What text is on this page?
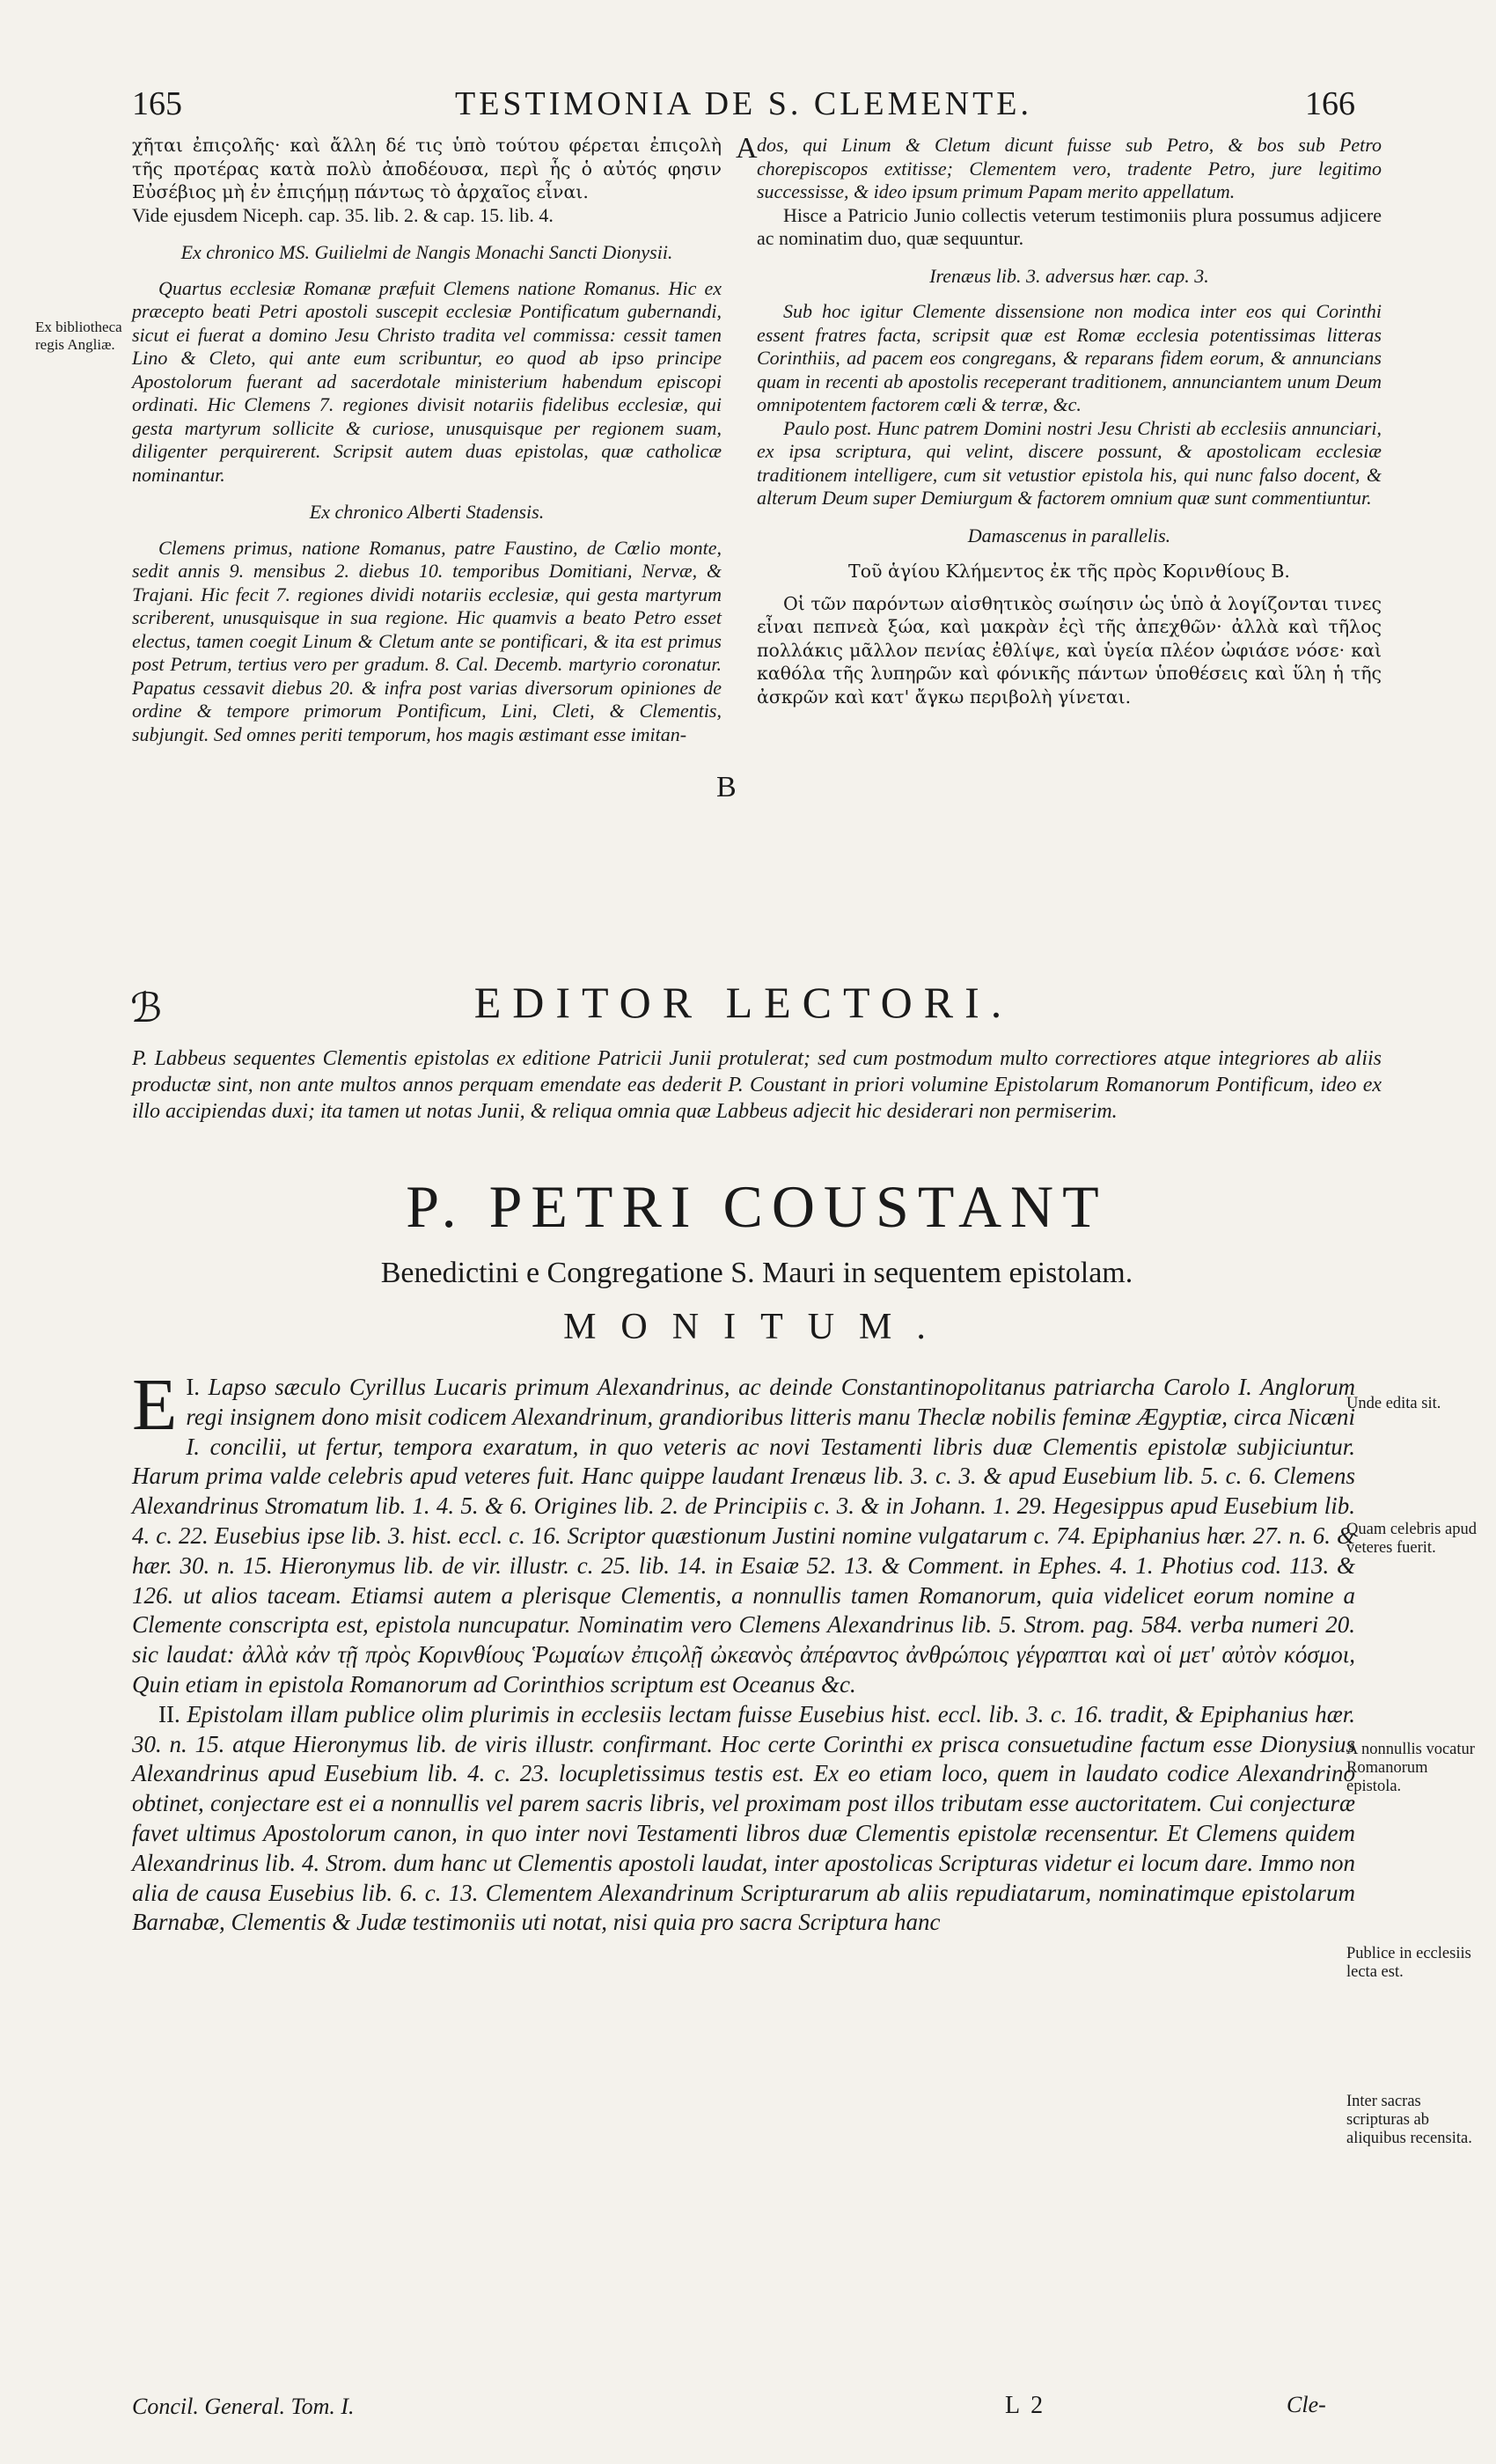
165	TESTIMONIA DE S. CLEMENTE.	166
Ex bibliotheca regis Angliæ.

χῆται ἐπιςολῆς· καὶ ἄλλη δέ τις ὑπὸ τούτου φέρεται ἐπιςολὴ τῆς προτέρας κατὰ πολὺ ἀποδέουσα, περὶ ἧς ὁ αὐτός φησιν Εὐσέβιος μὴ ἐν ἐπιςήμῃ πάντως τὸ ἀρχαῖος εἶναι.

Vide ejusdem Niceph. cap. 35. lib. 2. & cap. 15. lib. 4.

Ex chronico MS. Guilielmi de Nangis Monachi Sancti Dionysii.

Quartus ecclesiæ Romanæ præfuit Clemens natione Romanus. Hic ex præcepto beati Petri apostoli suscepit ecclesiæ Pontificatum gubernandi, sicut ei fuerat a domino Jesu Christo tradita vel commissa: cessit tamen Lino & Cleto, qui ante eum scribuntur, eo quod ab ipso principe Apostolorum fuerant ad sacerdotale ministerium habendum episcopi ordinati. Hic Clemens 7. regiones divisit notariis fidelibus ecclesiæ, qui gesta martyrum sollicite & curiose, unusquisque per regionem suam, diligenter perquirerent. Scripsit autem duas epistolas, quæ catholicæ nominantur.

Ex chronico Alberti Stadensis.

Clemens primus, natione Romanus, patre Faustino, de Cœlio monte, sedit annis 9. mensibus 2. diebus 10. temporibus Domitiani, Nervæ, & Trajani. Hic fecit 7. regiones dividi notariis ecclesiæ, qui gesta martyrum scriberent, unusquisque in sua regione. Hic quamvis a beato Petro esset electus, tamen coegit Linum & Cletum ante se pontificari, & ita est primus post Petrum, tertius vero per gradum. 8. Cal. Decemb. martyrio coronatur. Papatus cessavit diebus 20. & infra post varias diversorum opiniones de ordine & tempore primorum Pontificum, Lini, Cleti, & Clementis, subjungit. Sed omnes periti temporum, hos magis æstimant esse imitan-

A
B

dos, qui Linum & Cletum dicunt fuisse sub Petro, & bos sub Petro chorepiscopos extitisse; Clementem vero, tradente Petro, jure legitimo successisse, & ideo ipsum primum Papam merito appellatum.

Hisce a Patricio Junio collectis veterum testimoniis plura possumus adjicere ac nominatim duo, quæ sequuntur.

Irenæus lib. 3. adversus hær. cap. 3.

Sub hoc igitur Clemente dissensione non modica inter eos qui Corinthi essent fratres facta, scripsit quæ est Romæ ecclesia potentissimas litteras Corinthiis, ad pacem eos congregans, & reparans fidem eorum, & annuncians quam in recenti ab apostolis receperant traditionem, annunciantem unum Deum omnipotentem factorem cœli & terræ, &c.

Paulo post. Hunc patrem Domini nostri Jesu Christi ab ecclesiis annunciari, ex ipsa scriptura, qui velint, discere possunt, & apostolicam ecclesiæ traditionem intelligere, cum sit vetustior epistola his, qui nunc falso docent, & alterum Deum super Demiurgum & factorem omnium quæ sunt commentiuntur.

Damascenus in parallelis.
Τοῦ ἁγίου Κλήμεντος ἐκ τῆς πρὸς Κορινθίους Β.

Οἱ τῶν παρόντων αἰσθητικὸς σωίησιν ὡς ὑπὸ ἀ λογίζονται τινες εἶναι πεπνεὰ ξώα, καὶ μακρὰν ἐςὶ τῆς ἀπεχθῶν· ἀλλὰ καὶ τῆλος πολλάκις μᾶλλον πενίας ἐθλίψε, καὶ ὑγεία πλέον ὠφιάσε νόσε· καὶ καθόλα τῆς λυπηρῶν καὶ φόνικῆς πάντων ὑποθέσεις καὶ ὕλη ἡ τῆς ἀσκρῶν καὶ κατ' ἄγκω περιβολὴ γίνεται.

ℬ	EDITOR LECTORI.
P. Labbeus sequentes Clementis epistolas ex editione Patricii Junii protulerat; sed cum postmodum multo correctiores atque integriores ab aliis productæ sint, non ante multos annos perquam emendate eas dederit P. Coustant in priori volumine Epistolarum Romanorum Pontificum, ideo ex illo accipiendas duxi; ita tamen ut notas Junii, & reliqua omnia quæ Labbeus adjecit hic desiderari non permiserim.
P. PETRI COUSTANT
Benedictini e Congregatione S. Mauri in sequentem epistolam.
MONITUM.

I.
E Lapso sæculo Cyrillus Lucaris primum Alexandrinus, ac deinde Constantinopolitanus patriarcha Carolo I. Anglorum regi insignem dono misit codicem Alexandrinum, grandioribus litteris manu Theclæ nobilis feminæ Ægyptiæ, circa Nicæni I. concilii, ut fertur, tempora exaratum, in quo veteris ac novi Testamenti libris duæ Clementis epistolæ subjiciuntur. Harum prima valde celebris apud veteres fuit. Hanc quippe laudant Irenæus lib. 3. c. 3. & apud Eusebium lib. 5. c. 6. Clemens Alexandrinus Stromatum lib. 1. 4. 5. & 6. Origines lib. 2. de Principiis c. 3. & in Johann. 1. 29. Hegesippus apud Eusebium lib. 4. c. 22. Eusebius ipse lib. 3. hist. eccl. c. 16. Scriptor quæstionum Justini nomine vulgatarum c. 74. Epiphanius hær. 27. n. 6. & hær. 30. n. 15. Hieronymus lib. de vir. illustr. c. 25. lib. 14. in Esaiæ 52. 13. & Comment. in Ephes. 4. 1. Photius cod. 113. & 126. ut alios taceam. Etiamsi autem a plerisque Clementis, a nonnullis tamen Romanorum, quia videlicet eorum nomine a Clemente conscripta est, epistola nuncupatur. Nominatim vero Clemens Alexandrinus lib. 5. Strom. pag. 584. verba numeri 20. sic laudat: ἀλλὰ κἀν τῇ πρὸς Κορινθίους Ῥωμαίων ἐπιςολῇ ὠκεανὸς ἀπέραντος ἀνθρώποις γέγραπται καὶ οἱ μετ' αὐτὸν κόσμοι, Quin etiam in epistola Romanorum ad Corinthios scriptum est Oceanus &c.

II. Epistolam illam publice olim plurimis in ecclesiis lectam fuisse Eusebius hist. eccl. lib. 3. c. 16. tradit, & Epiphanius hær. 30. n. 15. atque Hieronymus lib. de viris illustr. confirmant. Hoc certe Corinthi ex prisca consuetudine factum esse Dionysius Alexandrinus apud Eusebium lib. 4. c. 23. locupletissimus testis est. Ex eo etiam loco, quem in laudato codice Alexandrino obtinet, conjectare est ei a nonnullis vel parem sacris libris, vel proximam post illos tributam esse auctoritatem. Cui conjecturæ favet ultimus Apostolorum canon, in quo inter novi Testamenti libros duæ Clementis epistolæ recensentur. Et Clemens quidem Alexandrinus lib. 4. Strom. dum hanc ut Clementis apostoli laudat, inter apostolicas Scripturas videtur ei locum dare. Immo non alia de causa Eusebius lib. 6. c. 13. Clementem Alexandrinum Scripturarum ab aliis repudiatarum, nominatimque epistolarum Barnabæ, Clementis & Judæ testimoniis uti notat, nisi quia pro sacra Scriptura hanc

Unde edita sit.
Quam celebris apud veteres fuerit.
A nonnullis vocatur Romanorum epistola.
Publice in ecclesiis lecta est.
Inter sacras scripturas ab aliquibus recensita.
Concil. General. Tom. I.	L 2	Cle-
